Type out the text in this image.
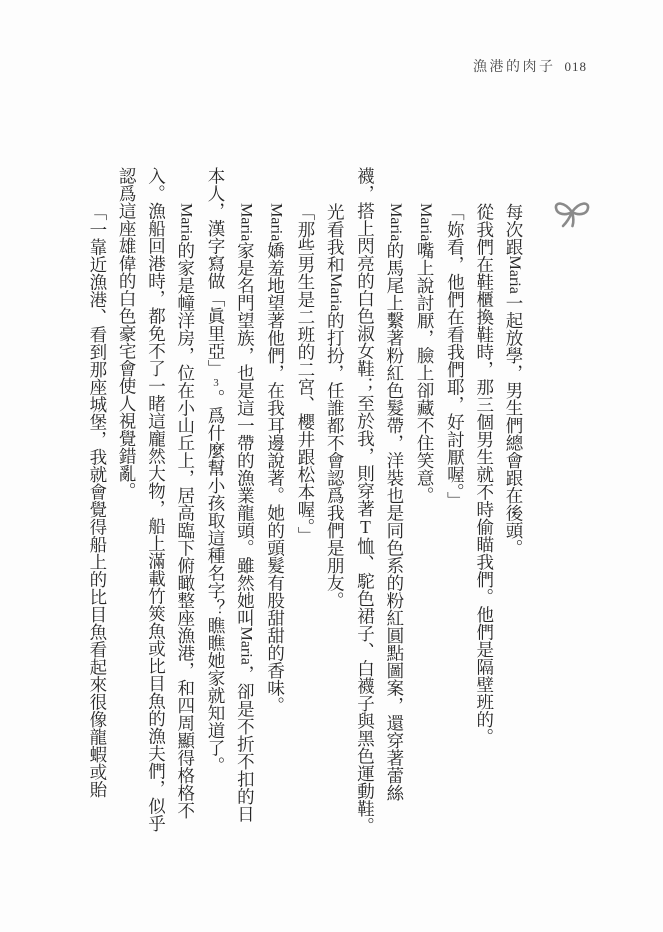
漁港的肉子 018
每次跟Maria一起放學，男生們總會跟在後頭。
從我們在鞋櫃換鞋時，那三個男生就不時偷瞄我們。他們是隔壁班的。
「妳看，他們在看我們耶，好討厭喔。」
Maria嘴上說討厭，臉上卻藏不住笑意。
Maria的馬尾上繫著粉紅色髮帶，洋裝也是同色系的粉紅圓點圖案，還穿著蕾絲
襪，搭上閃亮的白色淑女鞋；至於我，則穿著T恤、駝色裙子、白襪子與黑色運動鞋。
光看我和Maria的打扮，任誰都不會認爲我們是朋友。
「那些男生是二班的二宮、櫻井跟松本喔。」
Maria嬌羞地望著他們，在我耳邊說著。她的頭髮有股甜甜的香味。
Maria家是名門望族，也是這一帶的漁業龍頭。雖然她叫Maria，卻是不折不扣的日
本人，漢字寫做「眞里亞」3。爲什麼幫小孩取這種名字？瞧瞧她家就知道了。
Maria的家是幢洋房，位在小山丘上，居高臨下俯瞰整座漁港，和四周顯得格格不
入。漁船回港時，都免不了一睹這龐然大物，船上滿載竹筴魚或比目魚的漁夫們，似乎
認爲這座雄偉的白色豪宅會使人視覺錯亂。
「一靠近漁港、看到那座城堡，我就會覺得船上的比目魚看起來很像龍蝦或貽
